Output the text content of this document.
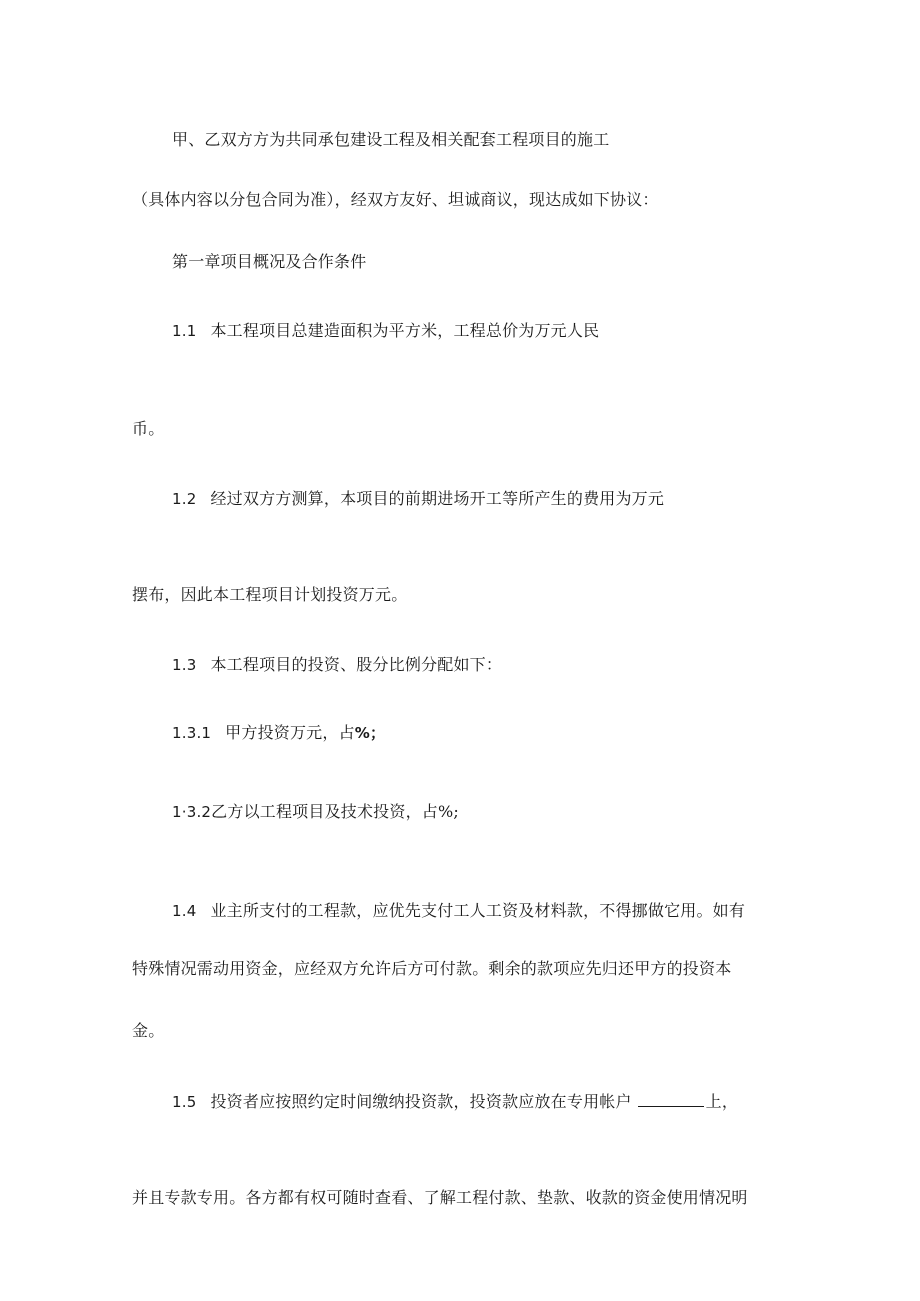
甲、乙双方方为共同承包建设工程及相关配套工程项目的施工
（具体内容以分包合同为准），经双方友好、坦诚商议，现达成如下协议：
第一章项目概况及合作条件
1.1 本工程项目总建造面积为平方米，工程总价为万元人民
币。
1.2 经过双方方测算，本项目的前期进场开工等所产生的费用为万元
摆布，因此本工程项目计划投资万元。
1.3 本工程项目的投资、股分比例分配如下：
1.3.1 甲方投资万元，占%；
1·3.2乙方以工程项目及技术投资，占%;
1.4 业主所支付的工程款，应优先支付工人工资及材料款，不得挪做它用。如有
特殊情况需动用资金，应经双方允许后方可付款。剩余的款项应先归还甲方的投资本
金。
1.5 投资者应按照约定时间缴纳投资款，投资款应放在专用帐户	上，
并且专款专用。各方都有权可随时查看、了解工程付款、垫款、收款的资金使用情况明
